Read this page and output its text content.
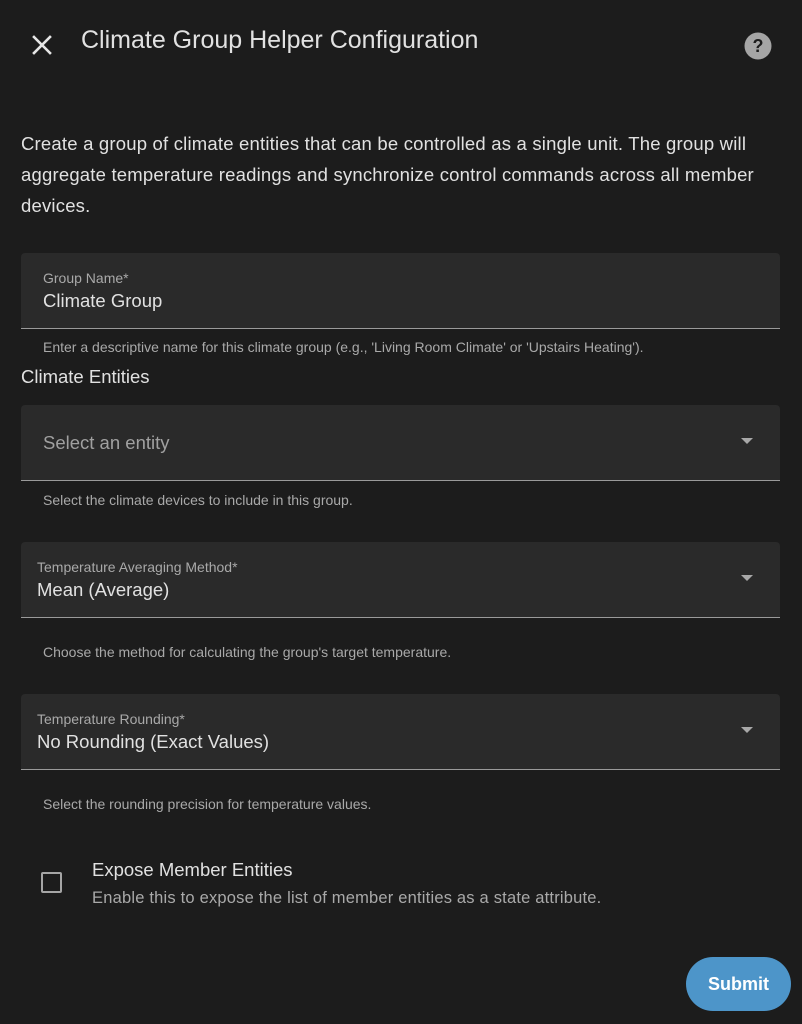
Climate Group Helper Configuration	?
Create a group of climate entities that can be controlled as a single unit. The group will aggregate temperature readings and synchronize control commands across all member devices.
Group Name*
Climate Group
Enter a descriptive name for this climate group (e.g., 'Living Room Climate' or 'Upstairs Heating').
Climate Entities
Select an entity
Select the climate devices to include in this group.
Temperature Averaging Method*
Mean (Average)
Choose the method for calculating the group's target temperature.
Temperature Rounding*
No Rounding (Exact Values)
Select the rounding precision for temperature values.
Expose Member Entities
Enable this to expose the list of member entities as a state attribute.
Submit
